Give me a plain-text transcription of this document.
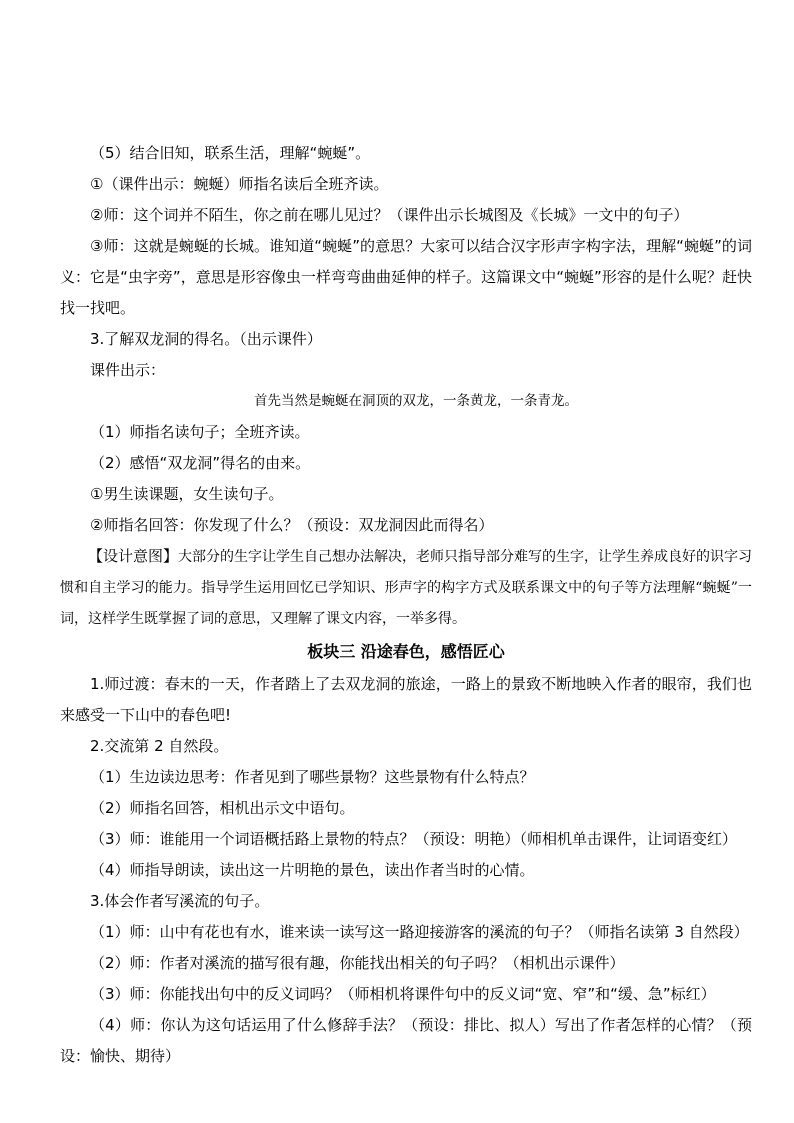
（5）结合旧知，联系生活，理解“蜿蜒”。

①（课件出示：蜿蜒）师指名读后全班齐读。

②师：这个词并不陌生，你之前在哪儿见过？（课件出示长城图及《长城》一文中的句子）

③师：这就是蜿蜒的长城。谁知道“蜿蜒”的意思？大家可以结合汉字形声字构字法，理解“蜿蜒”的词义：它是“虫字旁”，意思是形容像虫一样弯弯曲曲延伸的样子。这篇课文中“蜿蜒”形容的是什么呢？赶快找一找吧。

3.了解双龙洞的得名。（出示课件）

课件出示：

首先当然是蜿蜒在洞顶的双龙，一条黄龙，一条青龙。

（1）师指名读句子；全班齐读。

（2）感悟“双龙洞”得名的由来。

①男生读课题，女生读句子。

②师指名回答：你发现了什么？（预设：双龙洞因此而得名）

【设计意图】大部分的生字让学生自己想办法解决，老师只指导部分难写的生字，让学生养成良好的识字习惯和自主学习的能力。指导学生运用回忆已学知识、形声字的构字方式及联系课文中的句子等方法理解“蜿蜒”一词，这样学生既掌握了词的意思，又理解了课文内容，一举多得。

板块三 沿途春色，感悟匠心

1.师过渡：春末的一天，作者踏上了去双龙洞的旅途，一路上的景致不断地映入作者的眼帘，我们也来感受一下山中的春色吧!

2.交流第 2 自然段。

（1）生边读边思考：作者见到了哪些景物？这些景物有什么特点？

（2）师指名回答，相机出示文中语句。

（3）师：谁能用一个词语概括路上景物的特点？（预设：明艳）（师相机单击课件，让词语变红）

（4）师指导朗读，读出这一片明艳的景色，读出作者当时的心情。

3.体会作者写溪流的句子。

（1）师：山中有花也有水，谁来读一读写这一路迎接游客的溪流的句子？（师指名读第 3 自然段）

（2）师：作者对溪流的描写很有趣，你能找出相关的句子吗？（相机出示课件）

（3）师：你能找出句中的反义词吗？（师相机将课件句中的反义词“宽、窄”和“缓、急”标红）

（4）师：你认为这句话运用了什么修辞手法？（预设：排比、拟人）写出了作者怎样的心情？（预设：愉快、期待）
